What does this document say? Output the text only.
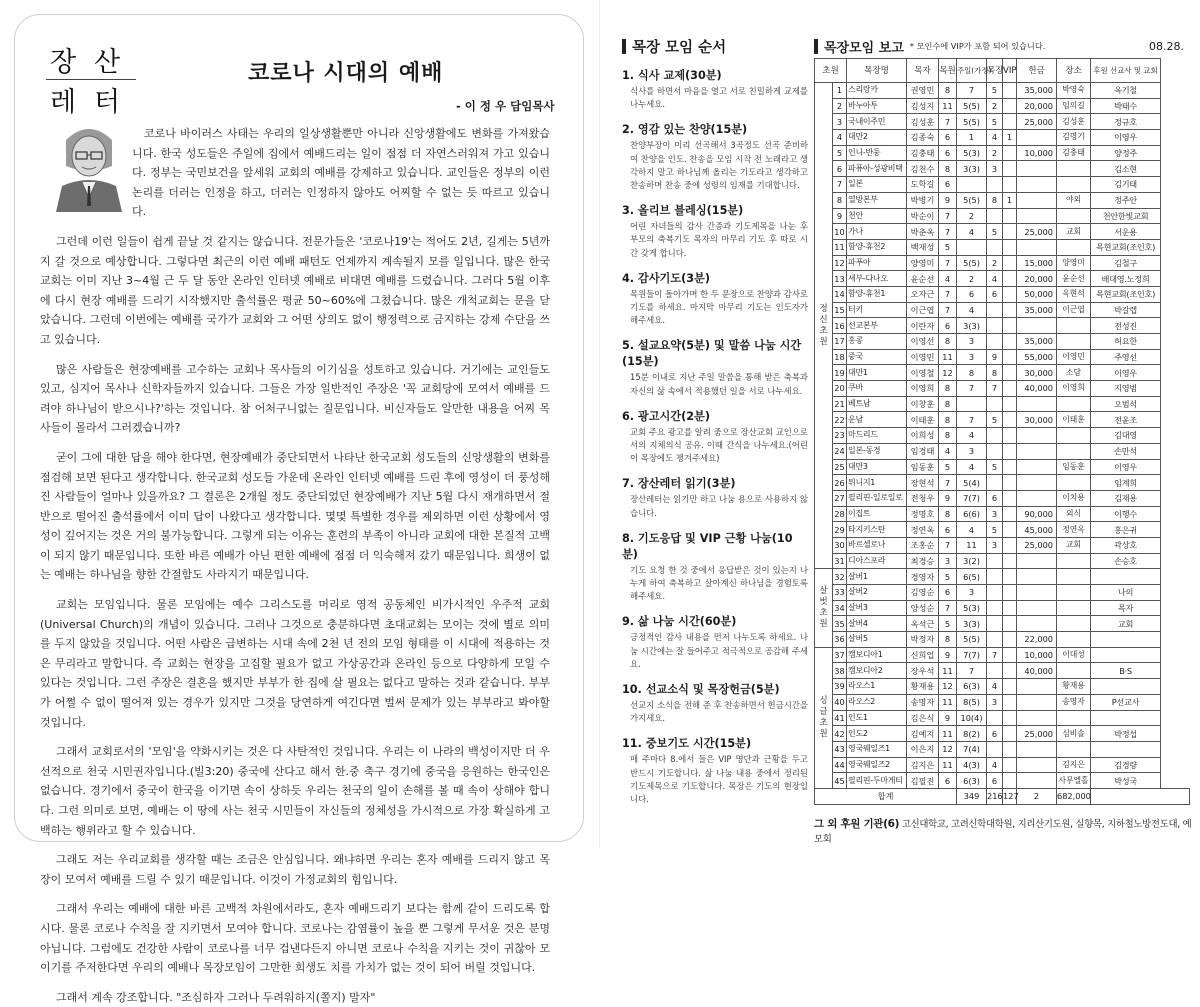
장 산
레 터
코로나 시대의 예배
- 이 정 우 담임목사

코로나 바이러스 사태는 우리의 일상생활뿐만 아니라 신앙생활에도 변화를 가져왔습니다. 한국 성도들은 주일에 집에서 예배드리는 일이 점점 더 자연스러워져 가고 있습니다. 정부는 국민보건을 앞세워 교회의 예배를 강제하고 있습니다. 교인들은 정부의 이런 논리를 더러는 인정을 하고, 더러는 인정하지 않아도 어찌할 수 없는 듯 따르고 있습니다.

그런데 이런 일들이 쉽게 끝날 것 같지는 않습니다. 전문가들은 '코로나19'는 적어도 2년, 길게는 5년까지 갈 것으로 예상합니다. 그렇다면 최근의 이런 예배 패턴도 언제까지 계속될지 모를 일입니다. 많은 한국교회는 이미 지난 3~4월 근 두 달 동안 온라인 인터넷 예배로 비대면 예배를 드렸습니다. 그러다 5월 이후에 다시 현장 예배를 드리기 시작했지만 출석률은 평균 50~60%에 그쳤습니다. 많은 개척교회는 문을 닫았습니다. 그런데 이번에는 예배를 국가가 교회와 그 어떤 상의도 없이 행정력으로 금지하는 강제 수단을 쓰고 있습니다.

많은 사람들은 현장예배를 고수하는 교회나 목사들의 이기심을 성토하고 있습니다. 거기에는 교인들도 있고, 심지어 목사나 신학자들까지 있습니다. 그들은 가장 일반적인 주장은 '꼭 교회당에 모여서 예배를 드려야 하나님이 받으시나?'하는 것입니다. 참 어처구니없는 질문입니다. 비신자들도 알만한 내용을 어찌 목사들이 몰라서 그러겠습니까?

굳이 그에 대한 답을 해야 한다면, 현장예배가 중단되면서 나타난 한국교회 성도들의 신앙생활의 변화를 점검해 보면 된다고 생각합니다. 한국교회 성도들 가운데 온라인 인터넷 예배를 드린 후에 영성이 더 풍성해진 사람들이 얼마나 있을까요? 그 결론은 2개월 정도 중단되었던 현장예배가 지난 5월 다시 재개하면서 절반으로 떨어진 출석률에서 이미 답이 나왔다고 생각합니다. 몇몇 특별한 경우를 제외하면 이런 상황에서 영성이 깊어지는 것은 거의 불가능합니다. 그렇게 되는 이유는 훈련의 부족이 아니라 교회에 대한 본질적 고백이 되지 않기 때문입니다. 또한 바른 예배가 아닌 편한 예배에 점점 더 익숙해져 갔기 때문입니다. 희생이 없는 예배는 하나님을 향한 간절함도 사라지기 때문입니다.

교회는 모임입니다. 물론 모임에는 예수 그리스도를 머리로 영적 공동체인 비가시적인 우주적 교회(Universal Church)의 개념이 있습니다. 그러나 그것으로 충분하다면 초대교회는 모이는 것에 별로 의미를 두지 않았을 것입니다. 어떤 사람은 급변하는 시대 속에 2천 년 전의 모임 형태를 이 시대에 적용하는 것은 무리라고 말합니다. 즉 교회는 현장을 고집할 필요가 없고 가상공간과 온라인 등으로 다양하게 모일 수 있다는 것입니다. 그런 주장은 결혼을 했지만 부부가 한 집에 살 필요는 없다고 말하는 것과 같습니다. 부부가 어쩔 수 없이 떨어져 있는 경우가 있지만 그것을 당연하게 여긴다면 벌써 문제가 있는 부부라고 봐야할 것입니다.

그래서 교회로서의 '모임'을 약화시키는 것은 다 사탄적인 것입니다. 우리는 이 나라의 백성이지만 더 우선적으로 천국 시민권자입니다.(빌3:20) 중국에 산다고 해서 한.중 축구 경기에 중국을 응원하는 한국인은 없습니다. 경기에서 중국이 한국을 이기면 속이 상하듯 우리는 천국의 일이 손해를 볼 때 속이 상해야 합니다. 그런 의미로 보면, 예배는 이 땅에 사는 천국 시민들이 자신들의 정체성을 가시적으로 가장 확실하게 고백하는 행위라고 할 수 있습니다.

그래도 저는 우리교회를 생각할 때는 조금은 안심입니다. 왜냐하면 우리는 혼자 예배를 드리지 않고 목장이 모여서 예배를 드릴 수 있기 때문입니다. 이것이 가정교회의 힘입니다.

그래서 우리는 예배에 대한 바른 고백적 차원에서라도, 혼자 예배드리기 보다는 함께 같이 드리도록 합시다. 물론 코로나 수칙을 잘 지키면서 모여야 합니다. 코로나는 감염률이 높을 뿐 그렇게 무서운 것은 분명 아닙니다. 그럼에도 건강한 사람이 코로나를 너무 겁낸다든지 아니면 코로나 수칙을 지키는 것이 귀찮아 모이기를 주저한다면 우리의 예배나 목장모임이 그만한 희생도 치를 가치가 없는 것이 되어 버릴 것입니다.

그래서 계속 강조합니다. "조심하자 그러나 두려워하지(쫄지) 말자"

목장 모임 순서
1. 식사 교제(30분)
식사를 하면서 마음을 열고 서로 친밀하게 교제를 나누세요.
2. 영감 있는 찬양(15분)
찬양부장이 미리 선곡해서 3곡정도 선곡 준비하여 찬양을 인도. 찬송을 모임 시작 전 노래라고 생각하지 말고 하나님께 올리는 기도라고 생각하고 찬송하며 찬송 중에 성령의 임재를 기대합니다.
3. 올리브 블레싱(15분)
어린 자녀들의 감사 간증과 기도제목을 나눈 후 부모의 축복기도 목자의 마무리 기도 후 따로 시간 갖게 합니다.
4. 감사기도(3분)
목원들이 돌아가며 한 두 문장으로 찬양과 감사로 기도를 하세요. 마지막 마무리 기도는 인도자가 해주세요.
5. 설교요약(5분) 및 말씀 나눔 시간(15분)
15분 이내로 지난 주일 말씀을 통해 받은 축복과 자신의 삶 속에서 적용했던 일을 서로 나누세요.
6. 광고시간(2분)
교회 주요 광고를 알려 줌으로 장산교회 교인으로서의 지체의식 공유. 이때 간식을 나누세요.(어린이 목장에도 챙겨주세요)
7. 장산레터 읽기(3분)
장산레터는 읽기만 하고 나눔 용으로 사용하지 않습니다.
8. 기도응답 및 VIP 근황 나눔(10분)
기도 요청 한 것 중에서 응답받은 것이 있는지 나누게 하여 축복하고 살아계신 하나님을 경험토록 해주세요.
9. 삶 나눔 시간(60분)
긍정적인 감사 내용을 먼저 나누도록 하세요. 나눔 시간에는 잘 들어주고 적극적으로 공감해 주세요.
10. 선교소식 및 목장헌금(5분)
선교지 소식을 전해 준 후 찬송하면서 헌금시간을 가지세요.
11. 중보기도 시간(15분)
매 주마다 8.에서 들은 VIP 명단과 근황을 두고 반드시 기도합니다. 삶 나눔 내용 중에서 정리된 기도제목으로 기도합니다. 목장은 기도의 현장입니다.
목장모임 보고 * 모인수에 VIP가 포함 되어 있습니다.	08.28.
초원		목장명	목자	목원	주일(가정)	목장	VIP	헌금	장소	후원 선교사 및 교회
정
신
초
원	1	스리랑카	권영민	8	7	5		35,000	박영숙	옥기철
	2	바누아투	김성지	11	5(5)	2		20,000	임의길	박태수
	3	국내이주민	김성훈	7	5(5)	5		25,000	김성훈	정규호
	4	대만2	김종숙	6	1	4	1		김명기	이영우
	5	인니-반둥	김충태	6	5(3)	2		10,000	김충태	양정주
	6	파퓨아-성광비택	김천수	8	3(3)	3				김소현
	7	일본	도학길	6						김기태
	8	열방본부	박병기	9	5(5)	8	1		야외	정주안
	9	천안	박순이	7	2					천안한빛교회
	10	가나	박춘옥	7	4	5		25,000	교회	서운용
	11	함양-휴천2	백재성	5						목현교회(조인호)
	12	파푸아	양영미	7	5(5)	2		15,000	양영미	김철구
	13	세부-다나오	윤순선	4	2	4		20,000	윤순선	배대영.노정희
	14	함양-휴천1	오자근	7	6	6		50,000	옥현석	목현교회(조인호)
	15	터키	이근엽	7	4			35,000	이근엽	박갈렙
	16	선교본부	이란자	6	3(3)					전성진
	17	홍콩	이영선	8	3			35,000		허요한
	18	중국	이영민	11	3	9		55,000	이영민	주영선
	19	대만1	이영철	12	8	8		30,000	소담	이영우
	20	쿠바	이영희	8	7	7		40,000	이영희	지영범
	21	베트남	이창훈	8						오범석
	22	운남	이태훈	8	7	5		30,000	이태훈	전윤조
	23	마드리드	이희성	8	4					김대영
	24	일본-동경	임경태	4	3					손만석
	25	대만3	임동훈	5	4	5			임동훈	이영우
	26	튀니지1	장현석	7	5(4)					임계희
	27	필리핀-일로일로	전청우	9	7(7)	6			이치용	김재용
	28	이집트	정명호	8	6(6)	3		90,000	외식	이행수
	29	타지키스탄	정연옥	6	4	5		45,000	정연옥	홍은귀
	30	바르셀로나	조홍순	7	11	3		25,000	교회	곽상호
	31	디아스포라	최경승	3	3(2)					손승호
살
벗
초
원	32	살버1	경영자	5	6(5)					
	33	살버2	김영순	6	3					나의
	34	살버3	양성순	7	5(3)					목자
	35	살버4	옥석근	5	3(3)					교회
	36	살버5	박정자	8	5(5)			22,000		
싱
글
초
원	37	캠보디아1	신희업	9	7(7)	7		10,000	이대성	
	38	캠보디아2	장우석	11	7			40,000		B·S
	39	라오스1	황재용	12	6(3)	4			황재용	
	40	라오스2	송명자	11	8(5)	3			송명자	P선교사
	41	인도1	김은식	9	10(4)					
	42	인도2	김예지	11	8(2)	6		25,000	심비솔	박정섭
	43	영국웨일즈1	이은지	12	7(4)					
	44	영국웨일즈2	김지은	11	4(3)	4			김지은	김경량
	45	필리핀-두마게티	김필진	6	6(3)	6			사무엘홀	박성국
합계					349	216	127	2	682,000	
그 외 후원 기관(6) 고신대학교, 고려신학대학원, 지리산기도원, 실향목, 지하철노방전도대, 예모회
